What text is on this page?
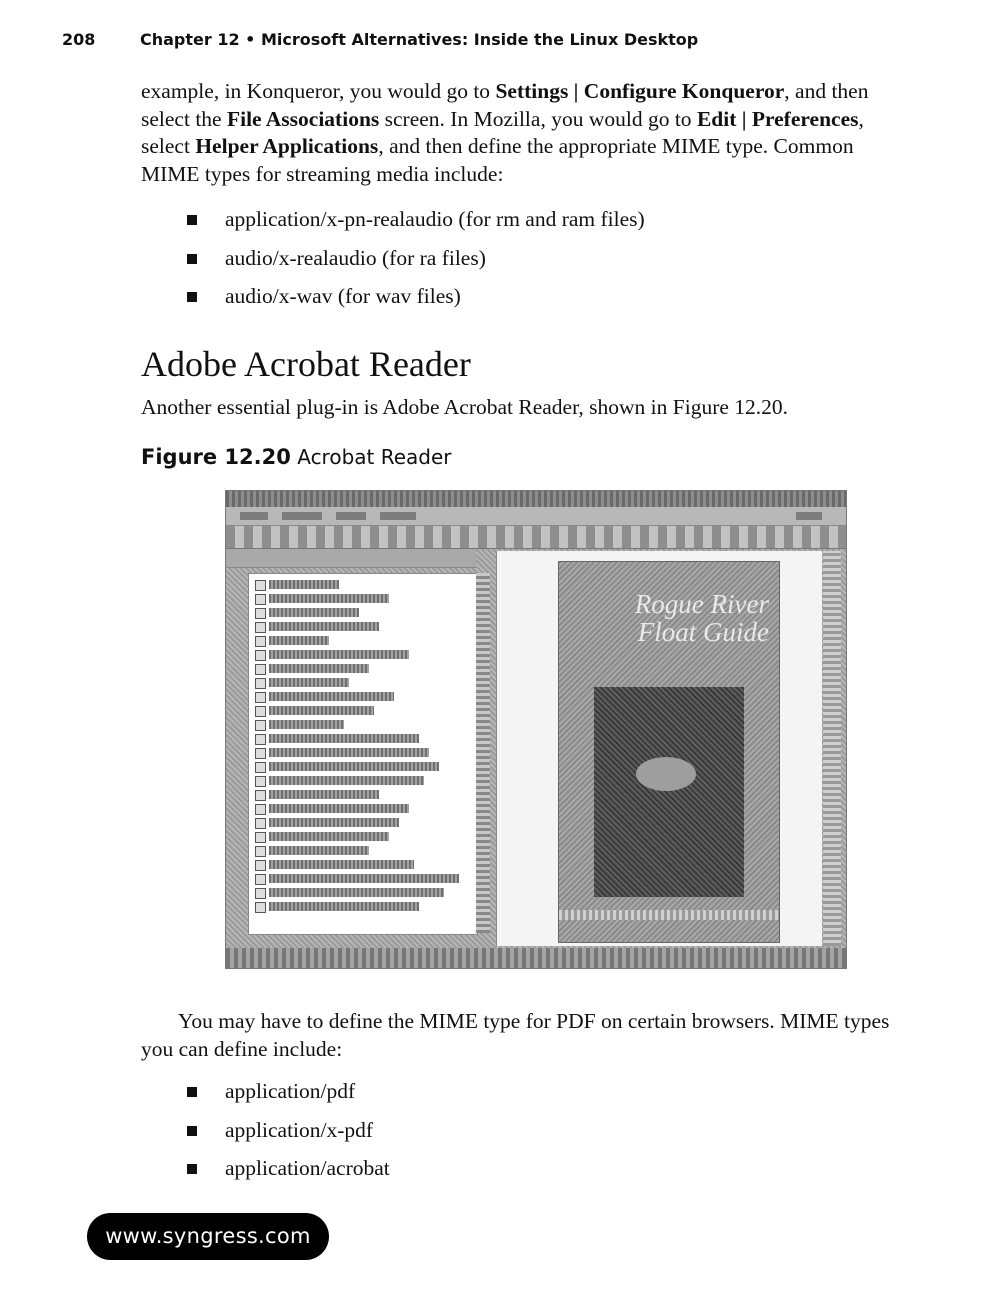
208	Chapter 12 • Microsoft Alternatives: Inside the Linux Desktop

example, in Konqueror, you would go to Settings | Configure Konqueror, and then select the File Associations screen. In Mozilla, you would go to Edit | Preferences, select Helper Applications, and then define the appropriate MIME type. Common MIME types for streaming media include:

application/x-pn-realaudio (for rm and ram files)
audio/x-realaudio (for ra files)
audio/x-wav (for wav files)
Adobe Acrobat Reader

Another essential plug-in is Adobe Acrobat Reader, shown in Figure 12.20.

Figure 12.20 Acrobat Reader
Rogue River
Float Guide

You may have to define the MIME type for PDF on certain browsers. MIME types you can define include:

application/pdf
application/x-pdf
application/acrobat
www.syngress.com
